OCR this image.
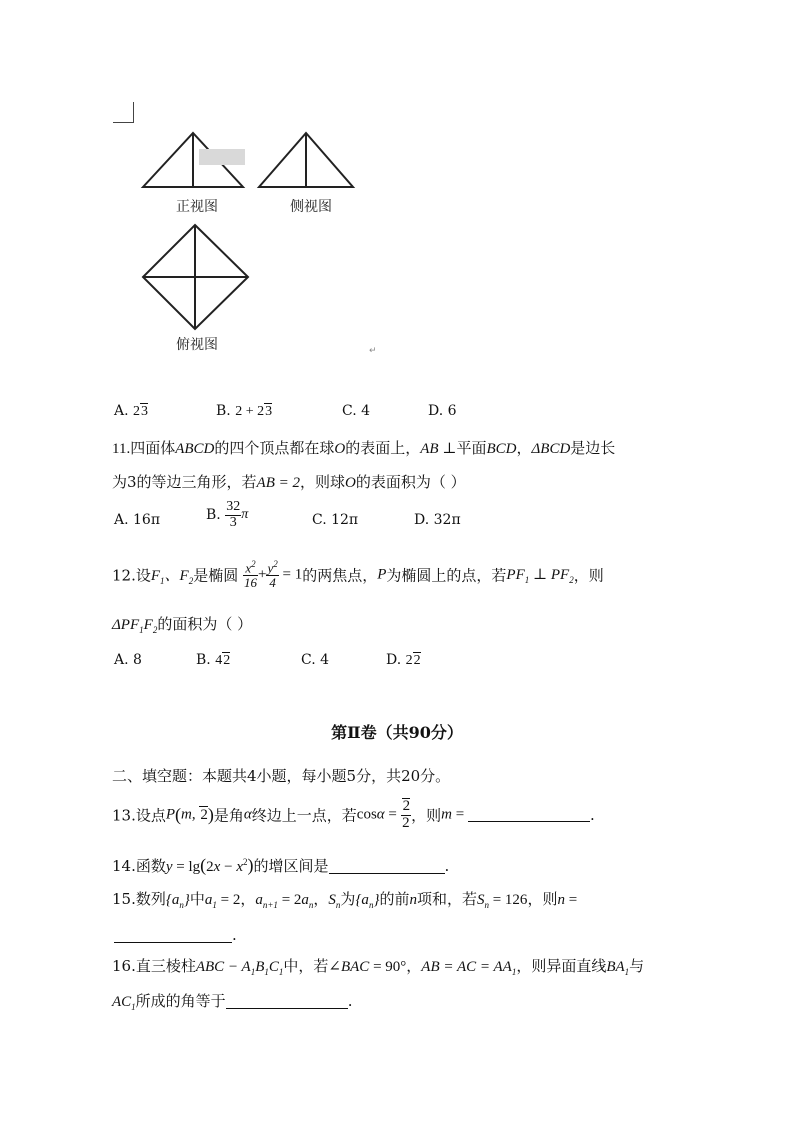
正视图	侧视图
俯视图	↵
A. 23	B. 2 + 23	C. 4	D. 6
11.四面体ABCD的四个顶点都在球O的表面上，AB ⊥平面BCD，ΔBCD是边长
为3的等边三角形，若AB = 2，则球O的表面积为（ ）
A. 16π	B. $\frac{32}{3}$ π	C. 12π	D. 32π
12.设$F_1$、$F_2$是椭圆 $\frac{x^2}{16} + \frac{y^2}{4} = 1$的两焦点，P为椭圆上的点，若$PF_1$ ⊥ $PF_2$，则
$\Delta PF_1F_2$的面积为（ ）
A. 8	B. 42	C. 4	D. 22
第Ⅱ卷（共90分）
二、填空题：本题共4小题，每小题5分，共20分。
13.设点P(m, 2)是角α终边上一点，若$\cos\alpha = \frac{2}{2}$ ，则m =	.
14.函数$y = \lg(2x - x^2)$的增区间是	.
15.数列$\{a_n\}$中$a_1 = 2$，$a_{n+1} = 2a_n$，$S_n$为$\{a_n\}$的前n项和，若$S_n = 126$，则n =
.
16.直三棱柱ABC − $A_1B_1C_1$中，若∠BAC = 90°，AB = AC = $AA_1$，则异面直线$BA_1$与
$AC_1$所成的角等于	.
